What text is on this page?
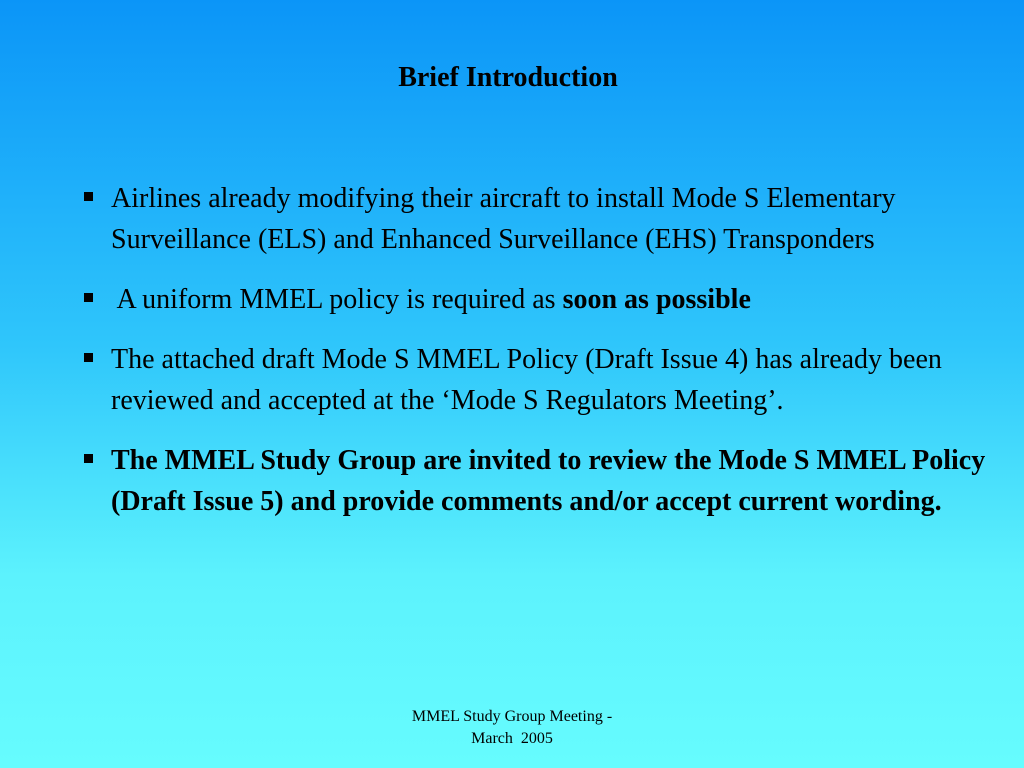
Brief Introduction
Airlines already modifying their aircraft to install Mode S Elementary Surveillance (ELS) and Enhanced Surveillance (EHS) Transponders
A uniform MMEL policy is required as soon as possible
The attached draft Mode S MMEL Policy (Draft Issue 4) has already been reviewed and accepted at the ‘Mode S Regulators Meeting’.
The MMEL Study Group are invited to review the Mode S MMEL Policy (Draft Issue 5) and provide comments and/or accept current wording.
MMEL Study Group Meeting -
March  2005
